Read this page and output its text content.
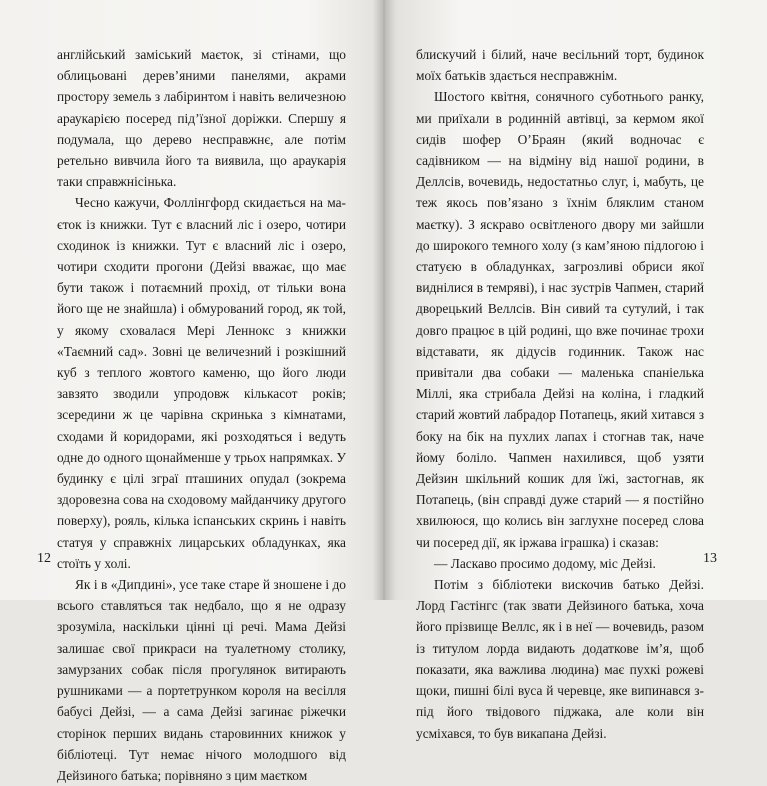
англійський заміський маєток, зі стінами, що облицьовані дерев’яними панелями, акрами простору земель з лабіринтом і навіть величезною араукарією посеред під’їзної доріжки. Спершу я подумала, що дерево несправжнє, але потім ретельно вивчила його та виявила, що араукарія таки справжнісінька.

Чесно кажучи, Фоллінгфорд скидається на маєток із книжки. Тут є власний ліс і озеро, чотири сходинок із книжки. Тут є власний ліс і озеро, чотири сходити прогони (Дейзі вважає, що має бути також і потаємний прохід, от тільки вона його ще не знайшла) і обмурований город, як той, у якому сховалася Мері Леннокс з книжки «Таємний сад». Зовні це величезний і розкішний куб з теплого жовтого каменю, що його люди завзято зводили упродовж кількасот років; зсередини ж це чарівна скринька з кімнатами, сходами й коридорами, які розходяться і ведуть одне до одного щонайменше у трьох напрямках. У будинку є цілі зграї пташиних опудал (зокрема здоровезна сова на сходовому майданчику другого поверху), рояль, кілька іспанських скринь і навіть статуя у справжніх лицарських обладунках, яка стоїть у холі.

Як і в «Дипдині», усе таке старе й зношене і до всього ставляться так недбало, що я не одразу зрозуміла, наскільки цінні ці речі. Мама Дейзі залишає свої прикраси на туалетному столику, замурзаних собак після прогулянок витирають рушниками — а портетрунком короля на весілля бабусі Дейзі, — а сама Дейзі загинає ріжечки сторінок перших видань старовинних книжок у бібліотеці. Тут немає нічого молодшого від Дейзиного батька; порівняно з цим маєтком

12

блискучий і білий, наче весільний торт, будинок моїх батьків здається несправжнім.

Шостого квітня, сонячного суботнього ранку, ми приїхали в родинній автівці, за кермом якої сидів шофер О’Браян (який водночас є садівником — на відміну від нашої родини, в Деллсів, вочевидь, недостатньо слуг, і, мабуть, це теж якось пов’язано з їхнім бляклим станом маєтку). З яскраво освітленого двору ми зайшли до широкого темного холу (з кам’яною підлогою і статуєю в обладунках, загрозливі обриси якої виднілися в темряві), і нас зустрів Чапмен, старий дворецький Веллсів. Він сивий та сутулий, і так довго працює в цій родині, що вже починає трохи відставати, як дідусів годинник. Також нас привітали два собаки — маленька спаніелька Міллі, яка стрибала Дейзі на коліна, і гладкий старий жовтий лабрадор Потапець, який хитався з боку на бік на пухлих лапах і стогнав так, наче йому боліло. Чапмен нахилився, щоб узяти Дейзин шкільний кошик для їжі, застогнав, як Потапець, (він справді дуже старий — я постійно хвилююся, що колись він заглухне посеред слова чи посеред дії, як іржава іграшка) і сказав:

— Ласкаво просимо додому, міс Дейзі.

Потім з бібліотеки вискочив батько Дейзі. Лорд Гастінгс (так звати Дейзиного батька, хоча його прізвище Веллс, як і в неї — вочевидь, разом із титулом лорда видають додаткове ім’я, щоб показати, яка важлива людина) має пухкі рожеві щоки, пишні білі вуса й черевце, яке випинався з-під його твідового піджака, але коли він усміхався, то був викапана Дейзі.

13
